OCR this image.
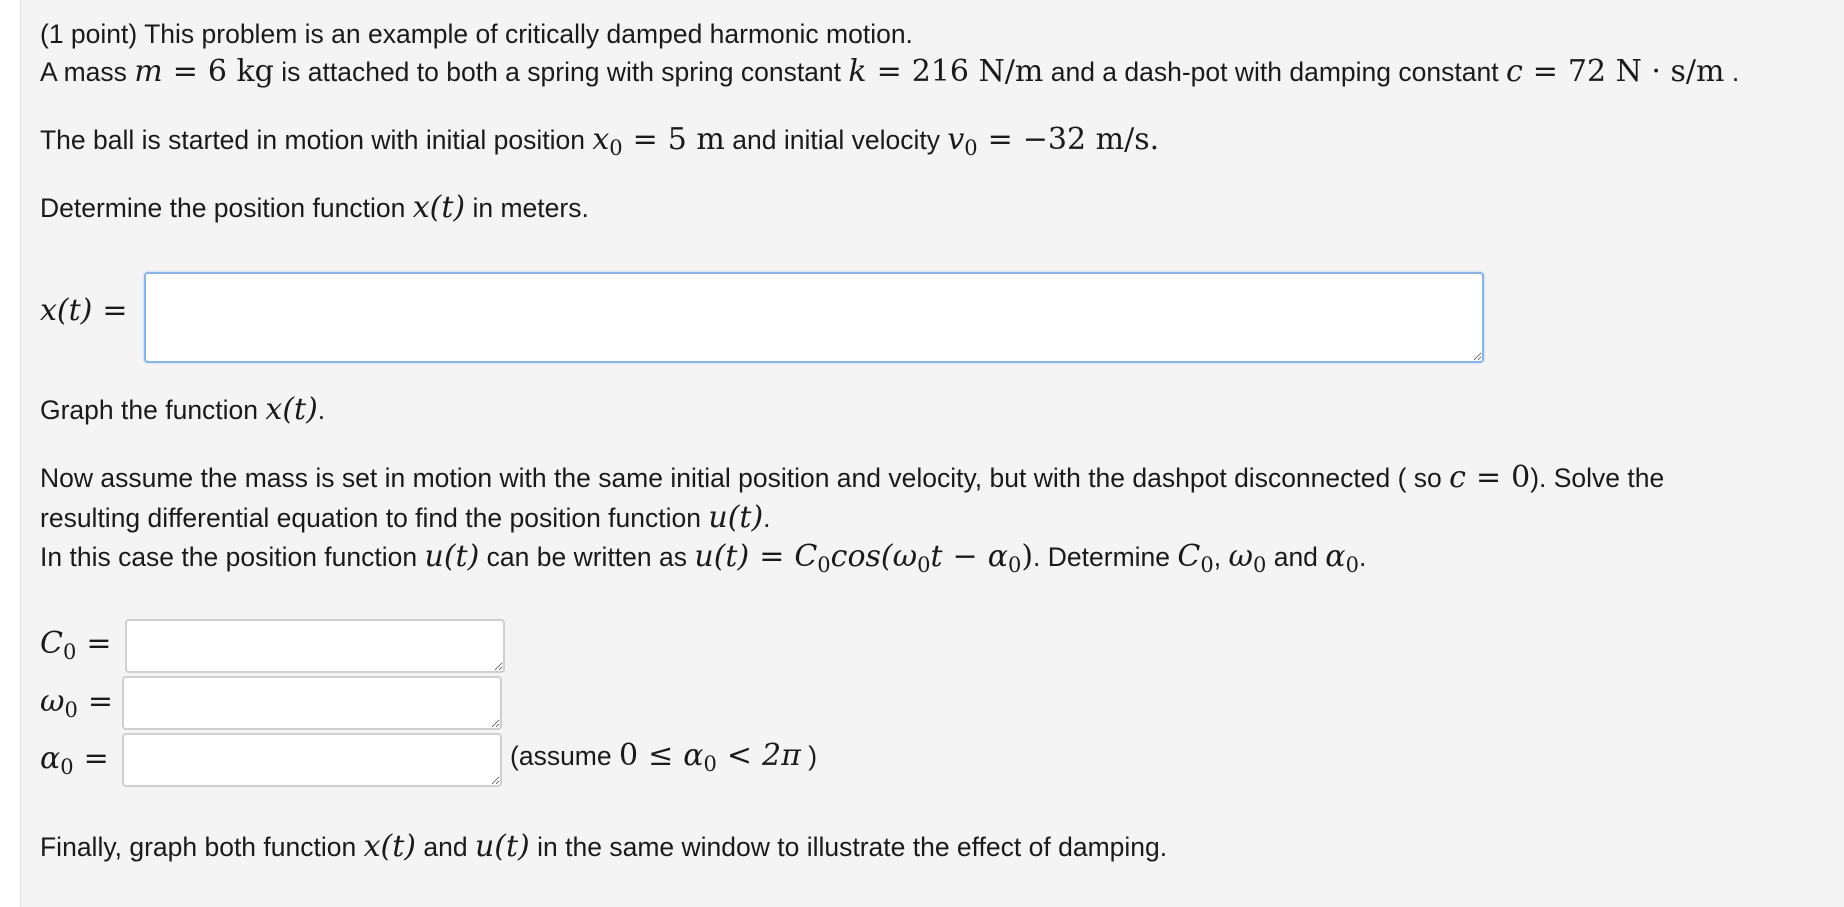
(1 point) This problem is an example of critically damped harmonic motion.
A mass m = 6 kg is attached to both a spring with spring constant k = 216 N/m and a dash-pot with damping constant c = 72 N · s/m .
The ball is started in motion with initial position $x_0 = 5$ m and initial velocity $v_0 = -32$ m/s.
Determine the position function x(t) in meters.
x(t) =
Graph the function x(t).
Now assume the mass is set in motion with the same initial position and velocity, but with the dashpot disconnected ( so c = 0). Solve the
resulting differential equation to find the position function u(t).
In this case the position function u(t) can be written as $u(t) = C_0\cos(\omega_0t - \alpha_0)$. Determine $C_0$, $\omega_0$ and $\alpha_0$.
$C_0$ =
$\omega_0$ =
$\alpha_0$ =	(assume $0 \le \alpha_0 < 2\pi$ )
Finally, graph both function x(t) and u(t) in the same window to illustrate the effect of damping.
